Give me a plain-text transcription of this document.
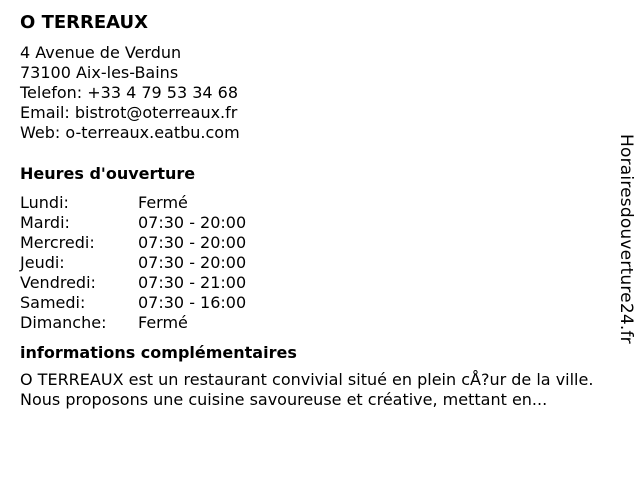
O TERREAUX
4 Avenue de Verdun
73100 Aix-les-Bains
Telefon: +33 4 79 53 34 68
Email: bistrot@oterreaux.fr
Web: o-terreaux.eatbu.com
Heures d'ouverture
Lundi:	Fermé
Mardi:	07:30 - 20:00
Mercredi:	07:30 - 20:00
Jeudi:	07:30 - 20:00
Vendredi:	07:30 - 21:00
Samedi:	07:30 - 16:00
Dimanche:	Fermé
informations complémentaires
O TERREAUX est un restaurant convivial situé en plein cÅ?ur de la ville. Nous proposons une cuisine savoureuse et créative, mettant en...
Horairesdouverture24.fr
